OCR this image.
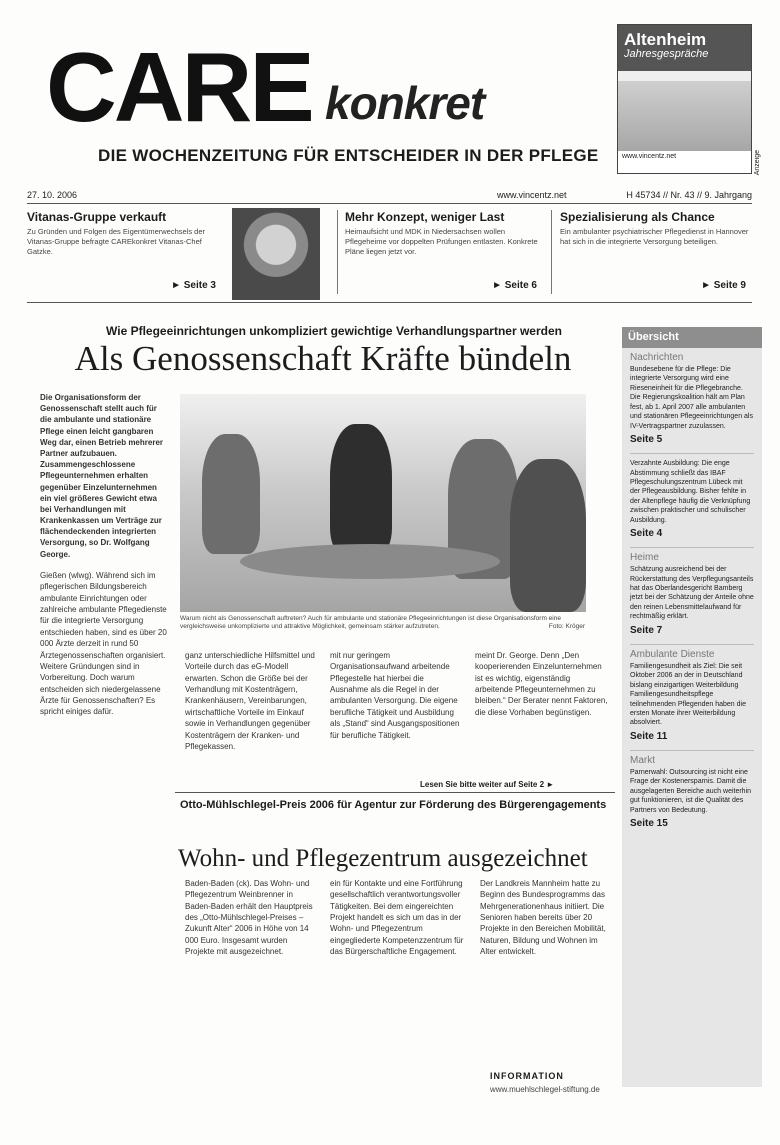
CARE konkret
DIE WOCHENZEITUNG FÜR ENTSCHEIDER IN DER PFLEGE
Altenheim
Jahresgespräche
www.vincentz.net	Anzeige
27. 10. 2006	www.vincentz.net	H 45734 // Nr. 43 // 9. Jahrgang
Vitanas-Gruppe verkauft

Zu Gründen und Folgen des Eigentümerwechsels der Vitanas-Gruppe befragte CAREkonkret Vitanas-Chef Gatzke.

► Seite 3
Mehr Konzept, weniger Last

Heimaufsicht und MDK in Niedersachsen wollen Pflegeheime vor doppelten Prüfungen entlasten. Konkrete Pläne liegen jetzt vor.

► Seite 6
Spezialisierung als Chance

Ein ambulanter psychiatrischer Pflegedienst in Hannover hat sich in die integrierte Versorgung beteiligen.

► Seite 9
Wie Pflegeeinrichtungen unkompliziert gewichtige Verhandlungspartner werden
Als Genossenschaft Kräfte bündeln
Die Organisationsform der Genossenschaft stellt auch für die ambulante und stationäre Pflege einen leicht gangbaren Weg dar, einen Betrieb mehrerer Partner aufzubauen. Zusammengeschlossene Pflegeunternehmen erhalten gegenüber Einzelunternehmen ein viel größeres Gewicht etwa bei Verhandlungen mit Krankenkassen um Verträge zur flächendeckenden integrierten Versorgung, so Dr. Wolfgang George.
Warum nicht als Genossenschaft auftreten? Auch für ambulante und stationäre Pflegeeinrichtungen ist diese Organisationsform eine vergleichsweise unkomplizierte und attraktive Möglichkeit, gemeinsam stärker aufzutreten.	Foto: Kröger
Gießen (wlwg). Während sich im pflegerischen Bildungsbereich ambulante Einrichtungen oder zahlreiche ambulante Pflegedienste für die integrierte Versorgung entschieden haben, sind es über 20 000 Ärzte derzeit in rund 50 Ärztegenossenschaften organisiert. Weitere Gründungen sind in Vorbereitung. Doch warum entscheiden sich niedergelassene Ärzte für Genossenschaften? Es spricht einiges dafür.
ganz unterschiedliche Hilfsmittel und Vorteile durch das eG-Modell erwarten. Schon die Größe bei der Verhandlung mit Kostenträgern, Krankenhäusern, Vereinbarungen, wirtschaftliche Vorteile im Einkauf sowie in Verhandlungen gegenüber Kostenträgern der Kranken- und Pflegekassen.
mit nur geringem Organisationsaufwand arbeitende Pflegestelle hat hierbei die Ausnahme als die Regel in der ambulanten Versorgung. Die eigene berufliche Tätigkeit und Ausbildung als „Stand“ sind Ausgangspositionen für berufliche Tätigkeit.
meint Dr. George. Denn „Den kooperierenden Einzelunternehmen ist es wichtig, eigenständig arbeitende Pflegeunternehmen zu bleiben.“ Der Berater nennt Faktoren, die diese Vorhaben begünstigen.
Lesen Sie bitte weiter auf Seite 2 ►
Otto-Mühlschlegel-Preis 2006 für Agentur zur Förderung des Bürgerengagements
Wohn- und Pflegezentrum ausgezeichnet
Baden-Baden (ck). Das Wohn- und Pflegezentrum Weinbrenner in Baden-Baden erhält den Hauptpreis des „Otto-Mühlschlegel-Preises – Zukunft Alter“ 2006 in Höhe von 14 000 Euro. Insgesamt wurden Projekte mit ausgezeichnet.
ein für Kontakte und eine Fortführung gesellschaftlich verantwortungsvoller Tätigkeiten. Bei dem eingereichten Projekt handelt es sich um das in der Wohn- und Pflegezentrum eingegliederte Kompetenzzentrum für das Bürgerschaftliche Engagement.
Der Landkreis Mannheim hatte zu Beginn des Bundesprogramms das Mehrgenerationenhaus initiiert. Die Senioren haben bereits über 20 Projekte in den Bereichen Mobilität, Naturen, Bildung und Wohnen im Alter entwickelt.
INFORMATION
www.muehlschlegel-stiftung.de
Übersicht
Nachrichten
Bundesebene für die Pflege: Die integrierte Versorgung wird eine Rieseneinheit für die Pflegebranche. Die Regierungskoalition hält am Plan fest, ab 1. April 2007 alle ambulanten und stationären Pflegeeinrichtungen als IV-Vertragspartner zuzulassen.
Seite 5
Verzahnte Ausbildung: Die enge Abstimmung schließt das IBAF Pflegeschulungszentrum Lübeck mit der Pflegeausbildung. Bisher fehlte in der Altenpflege häufig die Verknüpfung zwischen praktischer und schulischer Ausbildung.
Seite 4
Heime
Schätzung ausreichend bei der Rückerstattung des Verpflegungsanteils hat das Oberlandesgericht Bamberg jetzt bei der Schätzung der Anteile ohne den reinen Lebensmittelaufwand für rechtmäßig erklärt.
Seite 7
Ambulante Dienste
Familiengesundheit als Ziel: Die seit Oktober 2006 an der in Deutschland bislang einzigartigen Weiterbildung Familiengesundheitspflege teilnehmenden Pflegenden haben die ersten Monate ihrer Weiterbildung absolviert.
Seite 11
Markt
Parnerwahl: Outsourcing ist nicht eine Frage der Kostenersparnis. Damit die ausgelagerten Bereiche auch weiterhin gut funktionieren, ist die Qualität des Partners von Bedeutung.
Seite 15
